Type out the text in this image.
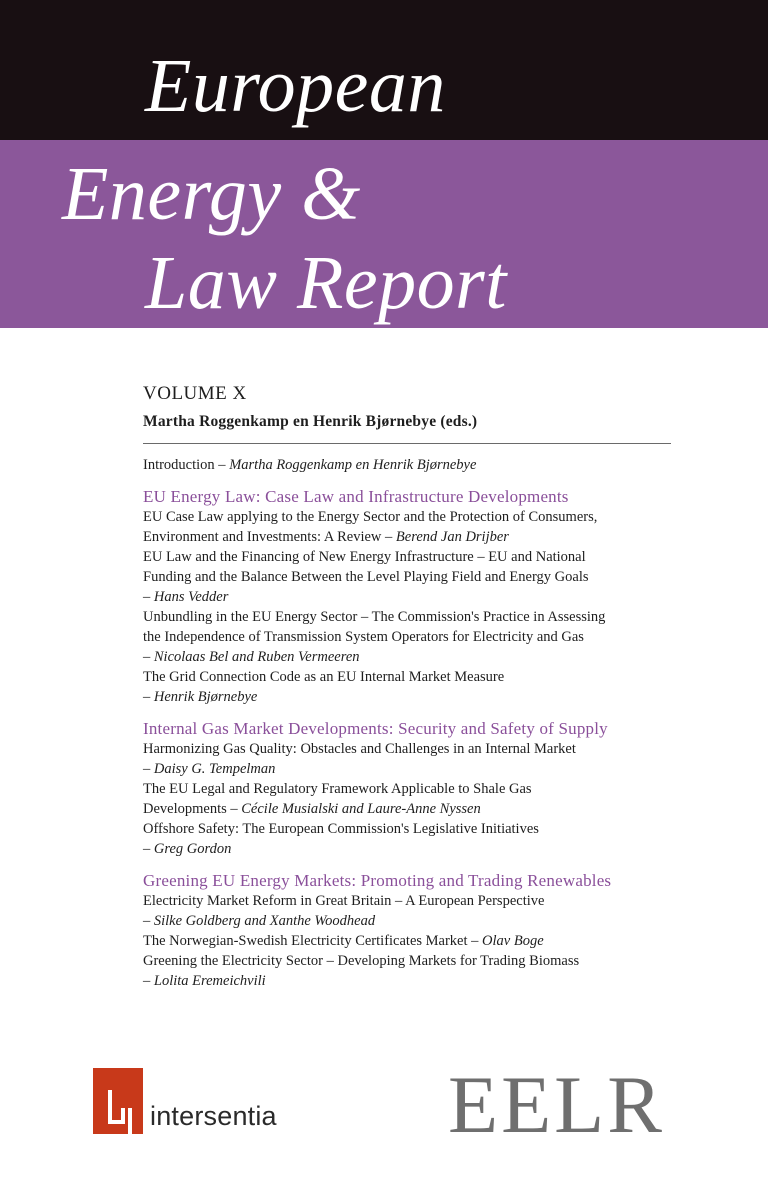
European
Energy &
Law Report
VOLUME X
Martha Roggenkamp en Henrik Bjørnebye (eds.)
Introduction – Martha Roggenkamp en Henrik Bjørnebye
EU Energy Law: Case Law and Infrastructure Developments
EU Case Law applying to the Energy Sector and the Protection of Consumers,
Environment and Investments: A Review – Berend Jan Drijber
EU Law and the Financing of New Energy Infrastructure – EU and National
Funding and the Balance Between the Level Playing Field and Energy Goals
– Hans Vedder
Unbundling in the EU Energy Sector – The Commission's Practice in Assessing
the Independence of Transmission System Operators for Electricity and Gas
– Nicolaas Bel and Ruben Vermeeren
The Grid Connection Code as an EU Internal Market Measure
– Henrik Bjørnebye
Internal Gas Market Developments: Security and Safety of Supply
Harmonizing Gas Quality: Obstacles and Challenges in an Internal Market
– Daisy G. Tempelman
The EU Legal and Regulatory Framework Applicable to Shale Gas
Developments – Cécile Musialski and Laure-Anne Nyssen
Offshore Safety: The European Commission's Legislative Initiatives
– Greg Gordon
Greening EU Energy Markets: Promoting and Trading Renewables
Electricity Market Reform in Great Britain – A European Perspective
– Silke Goldberg and Xanthe Woodhead
The Norwegian-Swedish Electricity Certificates Market – Olav Boge
Greening the Electricity Sector – Developing Markets for Trading Biomass
– Lolita Eremeichvili
intersentia EELR
